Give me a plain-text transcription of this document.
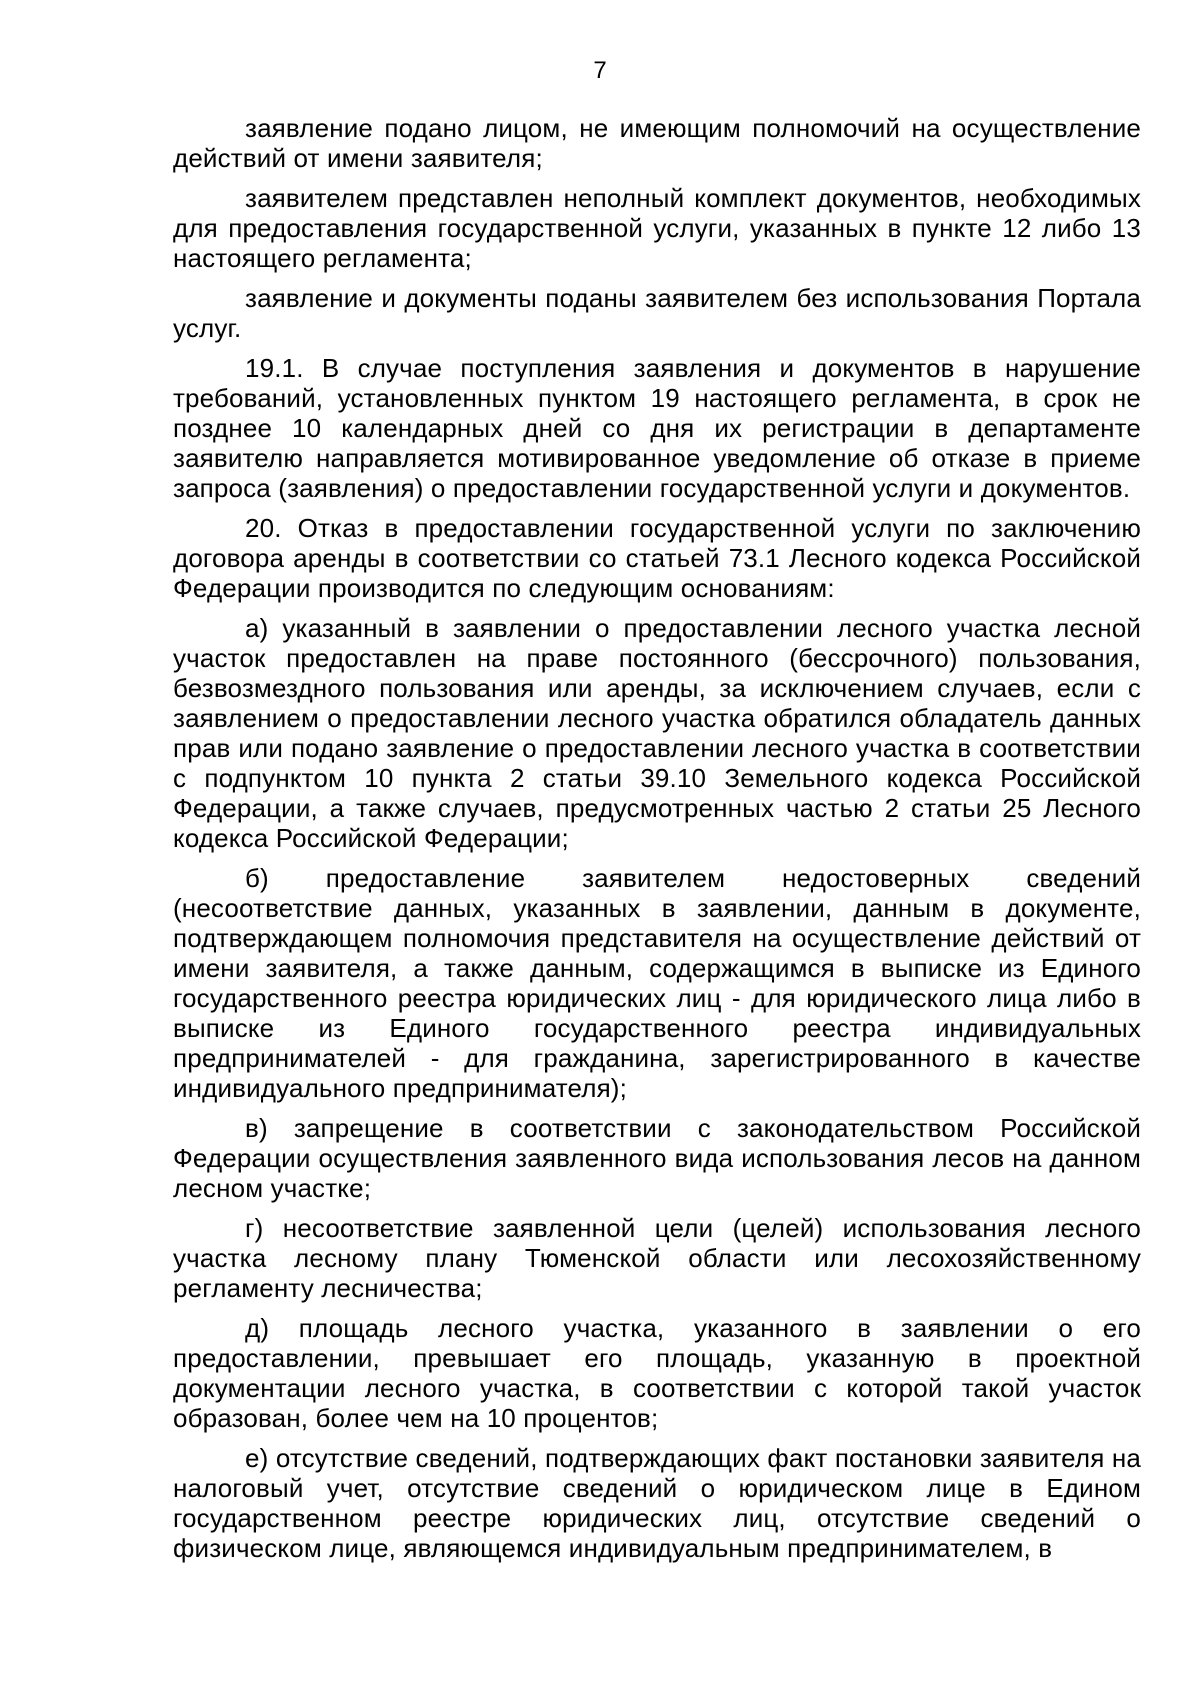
7

заявление подано лицом, не имеющим полномочий на осуществление действий от имени заявителя;

заявителем представлен неполный комплект документов, необходимых для предоставления государственной услуги, указанных в пункте 12 либо 13 настоящего регламента;

заявление и документы поданы заявителем без использования Портала услуг.

19.1. В случае поступления заявления и документов в нарушение требований, установленных пунктом 19 настоящего регламента, в срок не позднее 10 календарных дней со дня их регистрации в департаменте заявителю направляется мотивированное уведомление об отказе в приеме запроса (заявления) о предоставлении государственной услуги и документов.

20. Отказ в предоставлении государственной услуги по заключению договора аренды в соответствии со статьей 73.1 Лесного кодекса Российской Федерации производится по следующим основаниям:

а) указанный в заявлении о предоставлении лесного участка лесной участок предоставлен на праве постоянного (бессрочного) пользования, безвозмездного пользования или аренды, за исключением случаев, если с заявлением о предоставлении лесного участка обратился обладатель данных прав или подано заявление о предоставлении лесного участка в соответствии с подпунктом 10 пункта 2 статьи 39.10 Земельного кодекса Российской Федерации, а также случаев, предусмотренных частью 2 статьи 25 Лесного кодекса Российской Федерации;

б) предоставление заявителем недостоверных сведений (несоответствие данных, указанных в заявлении, данным в документе, подтверждающем полномочия представителя на осуществление действий от имени заявителя, а также данным, содержащимся в выписке из Единого государственного реестра юридических лиц - для юридического лица либо в выписке из Единого государственного реестра индивидуальных предпринимателей - для гражданина, зарегистрированного в качестве индивидуального предпринимателя);

в) запрещение в соответствии с законодательством Российской Федерации осуществления заявленного вида использования лесов на данном лесном участке;

г) несоответствие заявленной цели (целей) использования лесного участка лесному плану Тюменской области или лесохозяйственному регламенту лесничества;

д) площадь лесного участка, указанного в заявлении о его предоставлении, превышает его площадь, указанную в проектной документации лесного участка, в соответствии с которой такой участок образован, более чем на 10 процентов;

е) отсутствие сведений, подтверждающих факт постановки заявителя на налоговый учет, отсутствие сведений о юридическом лице в Едином государственном реестре юридических лиц, отсутствие сведений о физическом лице, являющемся индивидуальным предпринимателем, в
